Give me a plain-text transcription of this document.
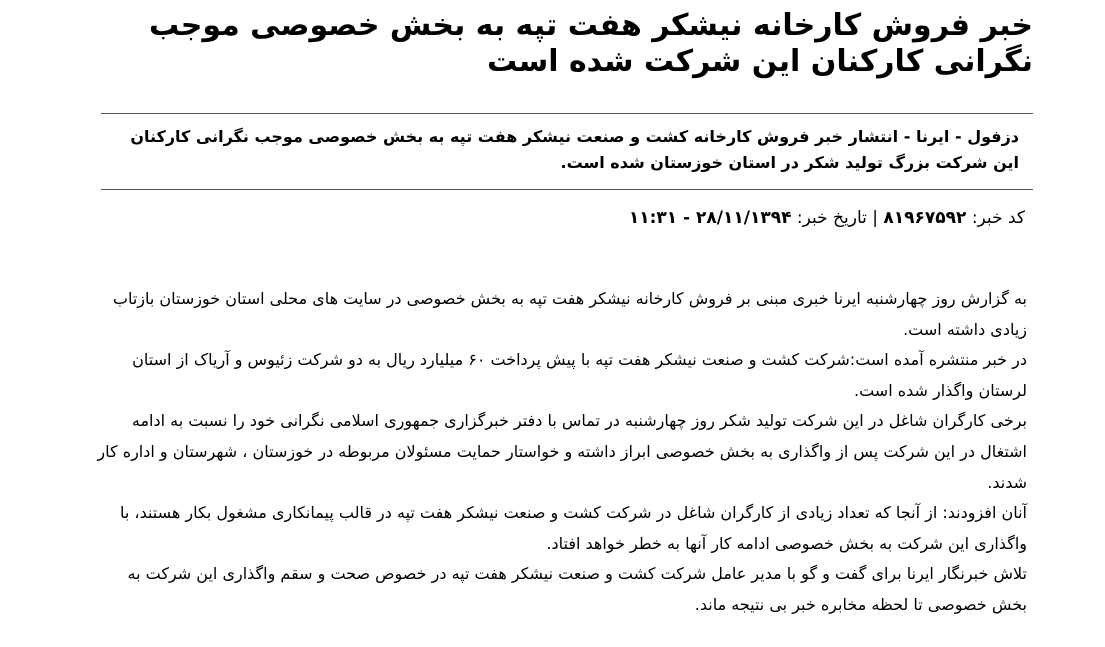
خبر فروش کارخانه نیشکر هفت تپه به بخش خصوصی موجب نگرانی کارکنان این شرکت شده است

دزفول - ایرنا - انتشار خبر فروش کارخانه کشت و صنعت نیشکر هفت تپه به بخش خصوصی موجب نگرانی کارکنان این شرکت بزرگ تولید شکر در استان خوزستان شده است.

کد خبر: ۸۱۹۶۷۵۹۲ | تاریخ خبر: ۲۸/۱۱/۱۳۹۴ - ۱۱:۳۱

به گزارش روز چهارشنبه ایرنا خبری مبنی بر فروش کارخانه نیشکر هفت تپه به بخش خصوصی در سایت های محلی استان خوزستان بازتاب زیادی داشته است.

در خبر منتشره آمده است:شرکت کشت و صنعت نیشکر هفت تپه با پیش پرداخت ۶۰ میلیارد ریال به دو شرکت زئیوس و آریاک از استان لرستان واگذار شده است.

برخی کارگران شاغل در این شرکت تولید شکر روز چهارشنبه در تماس با دفتر خبرگزاری جمهوری اسلامی نگرانی خود را نسبت به ادامه اشتغال در این شرکت پس از واگذاری به بخش خصوصی ابراز داشته و خواستار حمایت مسئولان مربوطه در خوزستان ، شهرستان و اداره کار شدند.

آنان افزودند: از آنجا که تعداد زیادی از کارگران شاغل در شرکت کشت و صنعت نیشکر هفت تپه در قالب پیمانکاری مشغول بکار هستند، با واگذاری این شرکت به بخش خصوصی ادامه کار آنها به خطر خواهد افتاد.

تلاش خبرنگار ایرنا برای گفت و گو با مدیر عامل شرکت کشت و صنعت نیشکر هفت تپه در خصوص صحت و سقم واگذاری این شرکت به بخش خصوصی تا لحظه مخابره خبر بی نتیجه ماند.
